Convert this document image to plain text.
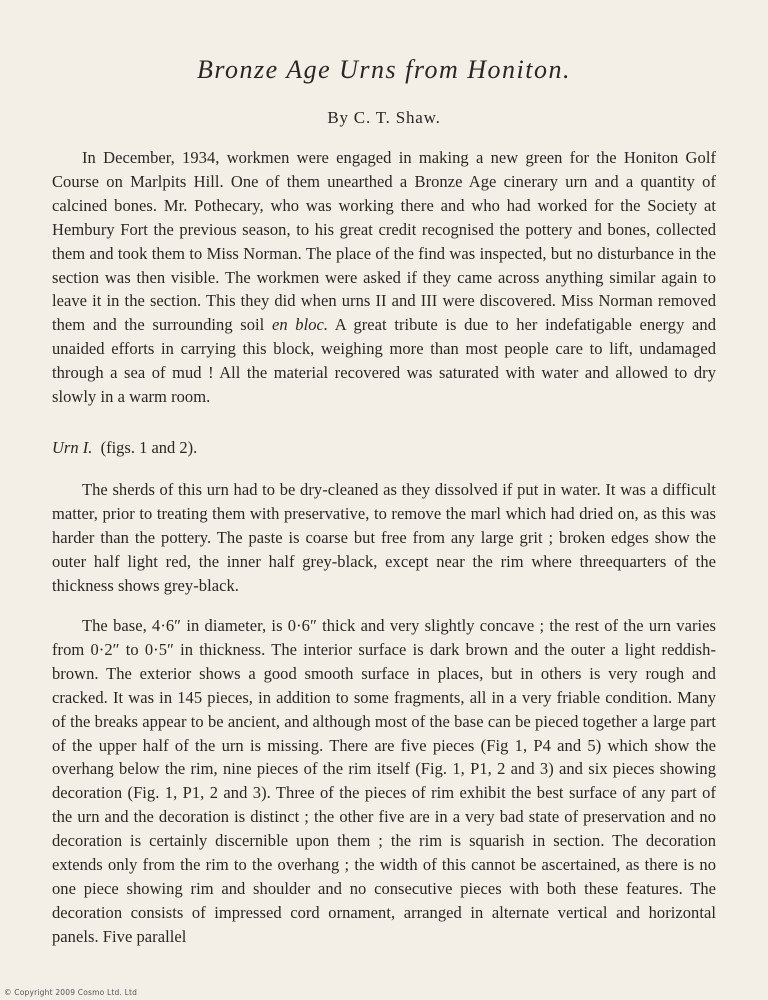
Bronze Age Urns from Honiton.
By C. T. Shaw.

In December, 1934, workmen were engaged in making a new green for the Honiton Golf Course on Marlpits Hill. One of them unearthed a Bronze Age cinerary urn and a quantity of calcined bones. Mr. Pothecary, who was working there and who had worked for the Society at Hembury Fort the previous season, to his great credit recognised the pottery and bones, collected them and took them to Miss Norman. The place of the find was inspected, but no disturbance in the section was then visible. The workmen were asked if they came across anything similar again to leave it in the section. This they did when urns II and III were discovered. Miss Norman removed them and the surrounding soil en bloc. A great tribute is due to her indefatigable energy and unaided efforts in carrying this block, weighing more than most people care to lift, undamaged through a sea of mud ! All the material recovered was saturated with water and allowed to dry slowly in a warm room.

Urn I. (figs. 1 and 2).

The sherds of this urn had to be dry-cleaned as they dissolved if put in water. It was a difficult matter, prior to treating them with preservative, to remove the marl which had dried on, as this was harder than the pottery. The paste is coarse but free from any large grit ; broken edges show the outer half light red, the inner half grey-black, except near the rim where threequarters of the thickness shows grey-black.

The base, 4·6″ in diameter, is 0·6″ thick and very slightly concave ; the rest of the urn varies from 0·2″ to 0·5″ in thickness. The interior surface is dark brown and the outer a light reddish-brown. The exterior shows a good smooth surface in places, but in others is very rough and cracked. It was in 145 pieces, in addition to some fragments, all in a very friable condition. Many of the breaks appear to be ancient, and although most of the base can be pieced together a large part of the upper half of the urn is missing. There are five pieces (Fig 1, P4 and 5) which show the overhang below the rim, nine pieces of the rim itself (Fig. 1, P1, 2 and 3) and six pieces showing decoration (Fig. 1, P1, 2 and 3). Three of the pieces of rim exhibit the best surface of any part of the urn and the decoration is distinct ; the other five are in a very bad state of preservation and no decoration is certainly discernible upon them ; the rim is squarish in section. The decoration extends only from the rim to the overhang ; the width of this cannot be ascertained, as there is no one piece showing rim and shoulder and no consecutive pieces with both these features. The decoration consists of impressed cord ornament, arranged in alternate vertical and horizontal panels. Five parallel

© Copyright 2009 Cosmo Ltd. Ltd
